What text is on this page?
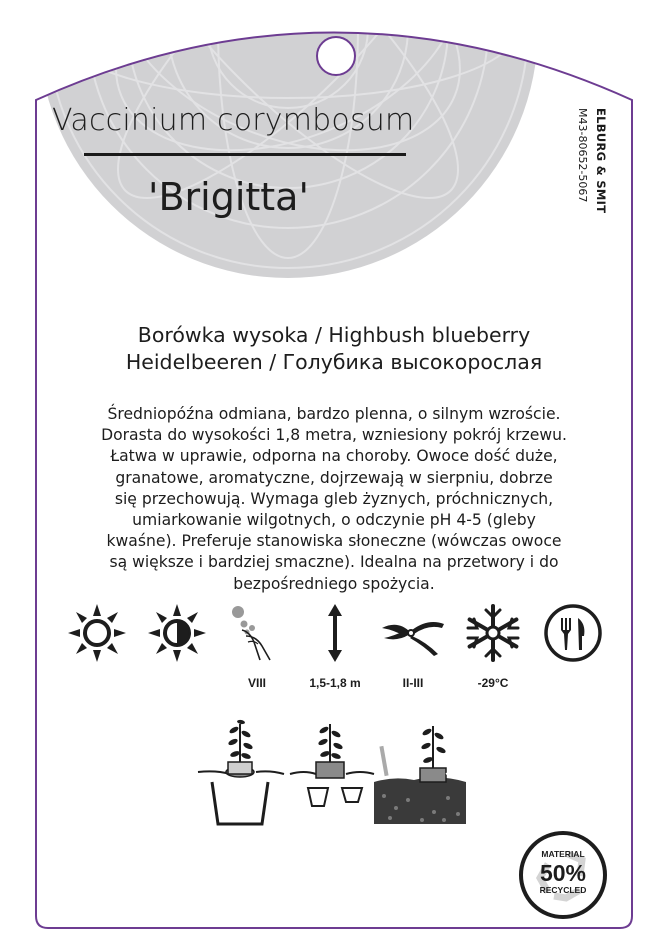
Vaccinium corymbosum
'Brigitta'	ELBURG & SMIT
M43-80652-5067
Borówka wysoka / Highbush blueberry
Heidelbeeren / Голубика высокорослая
Średniopóźna odmiana, bardzo plenna, o silnym wzroście.
Dorasta do wysokości 1,8 metra, wzniesiony pokrój krzewu.
Łatwa w uprawie, odporna na choroby. Owoce dość duże,
granatowe, aromatyczne, dojrzewają w sierpniu, dobrze
się przechowują. Wymaga gleb żyznych, próchnicznych,
umiarkowanie wilgotnych, o odczynie pH 4-5 (gleby
kwaśne). Preferuje stanowiska słoneczne (wówczas owoce
są większe i bardziej smaczne). Idealna na przetwory i do
bezpośredniego spożycia.
VIII	1,5-1,8 m	II-III	-29°C
MATERIAL
50%
RECYCLED
